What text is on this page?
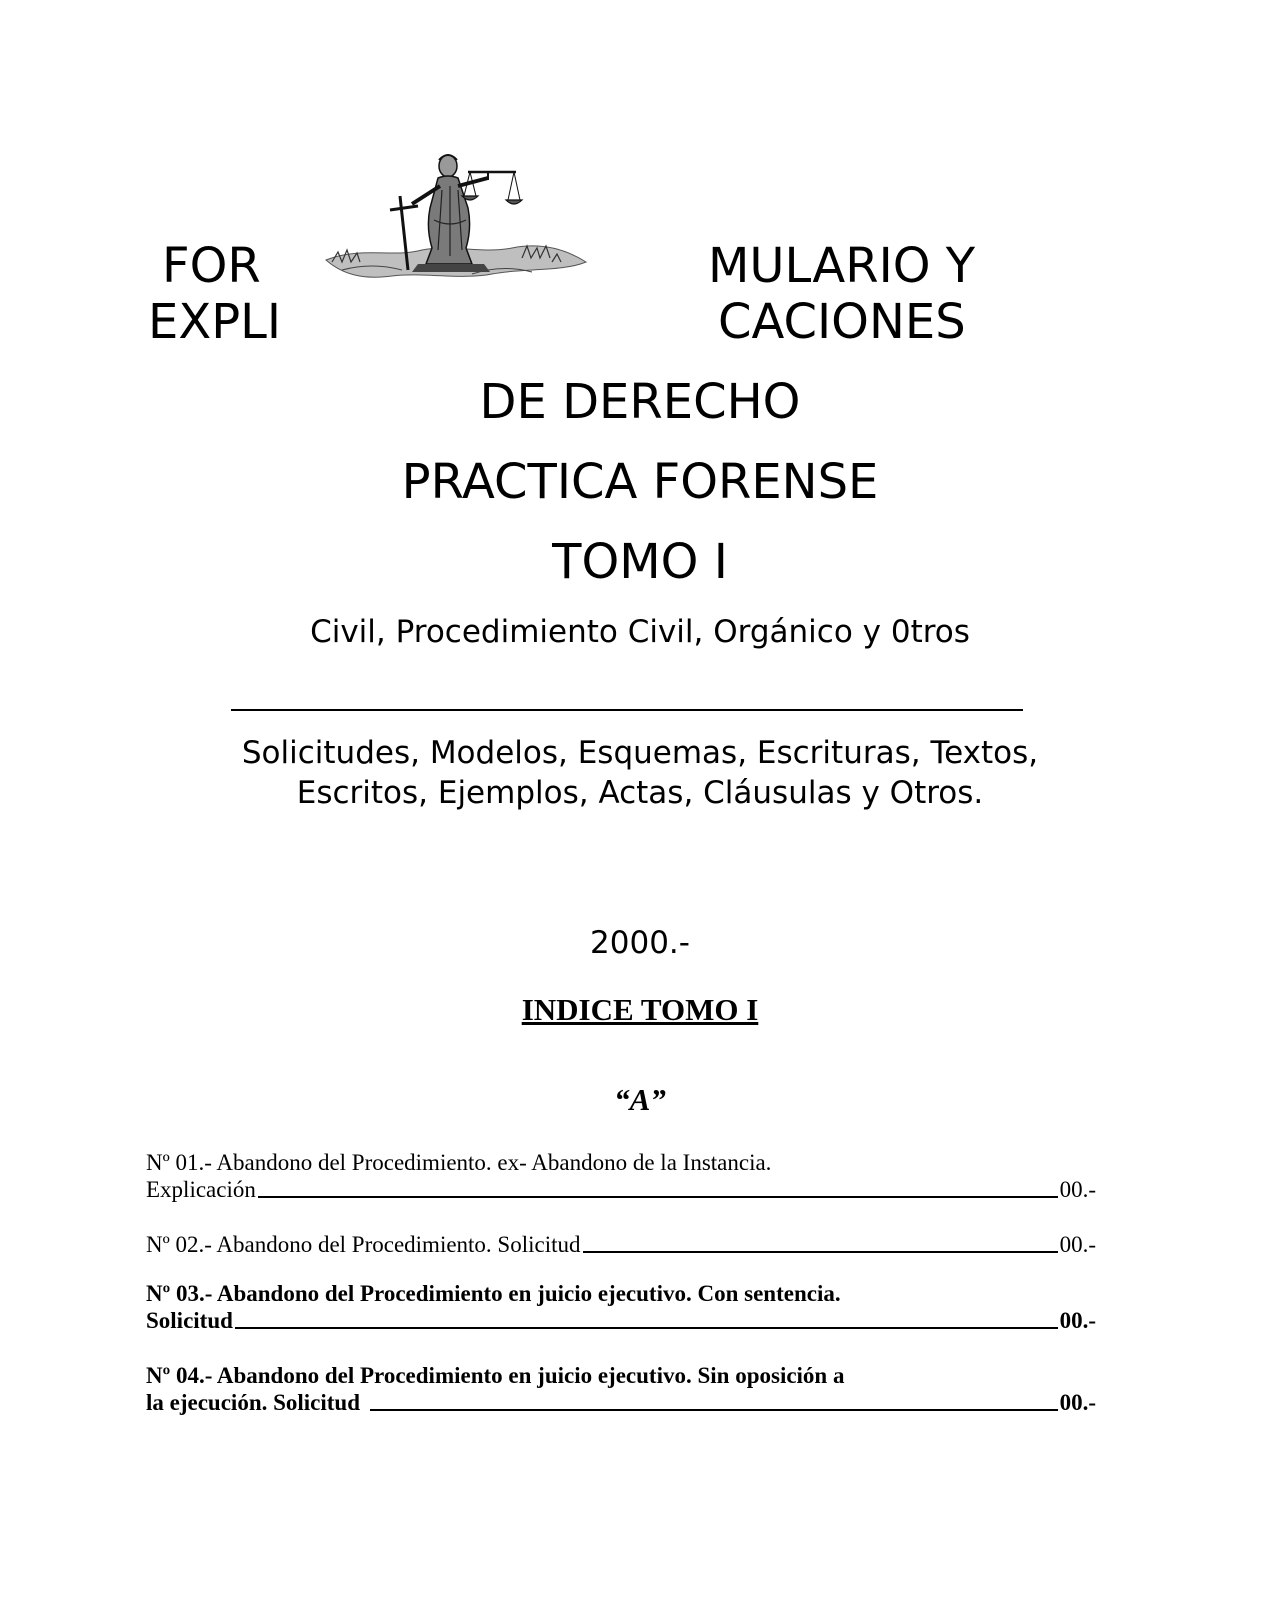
FOR	MULARIO Y
EXPLI	CACIONES
DE DERECHO
PRACTICA FORENSE
TOMO I
Civil, Procedimiento Civil, Orgánico y 0tros
Solicitudes, Modelos, Esquemas, Escrituras, Textos,
Escritos, Ejemplos, Actas, Cláusulas y Otros.
2000.-
INDICE TOMO I
“A”
Nº 01.- Abandono del Procedimiento. ex- Abandono de la Instancia.
Explicación	00.-
Nº 02.- Abandono del Procedimiento. Solicitud	00.-
Nº 03.- Abandono del Procedimiento en juicio ejecutivo. Con sentencia.
Solicitud	00.-
Nº 04.- Abandono del Procedimiento en juicio ejecutivo. Sin oposición a
la ejecución. Solicitud	00.-
